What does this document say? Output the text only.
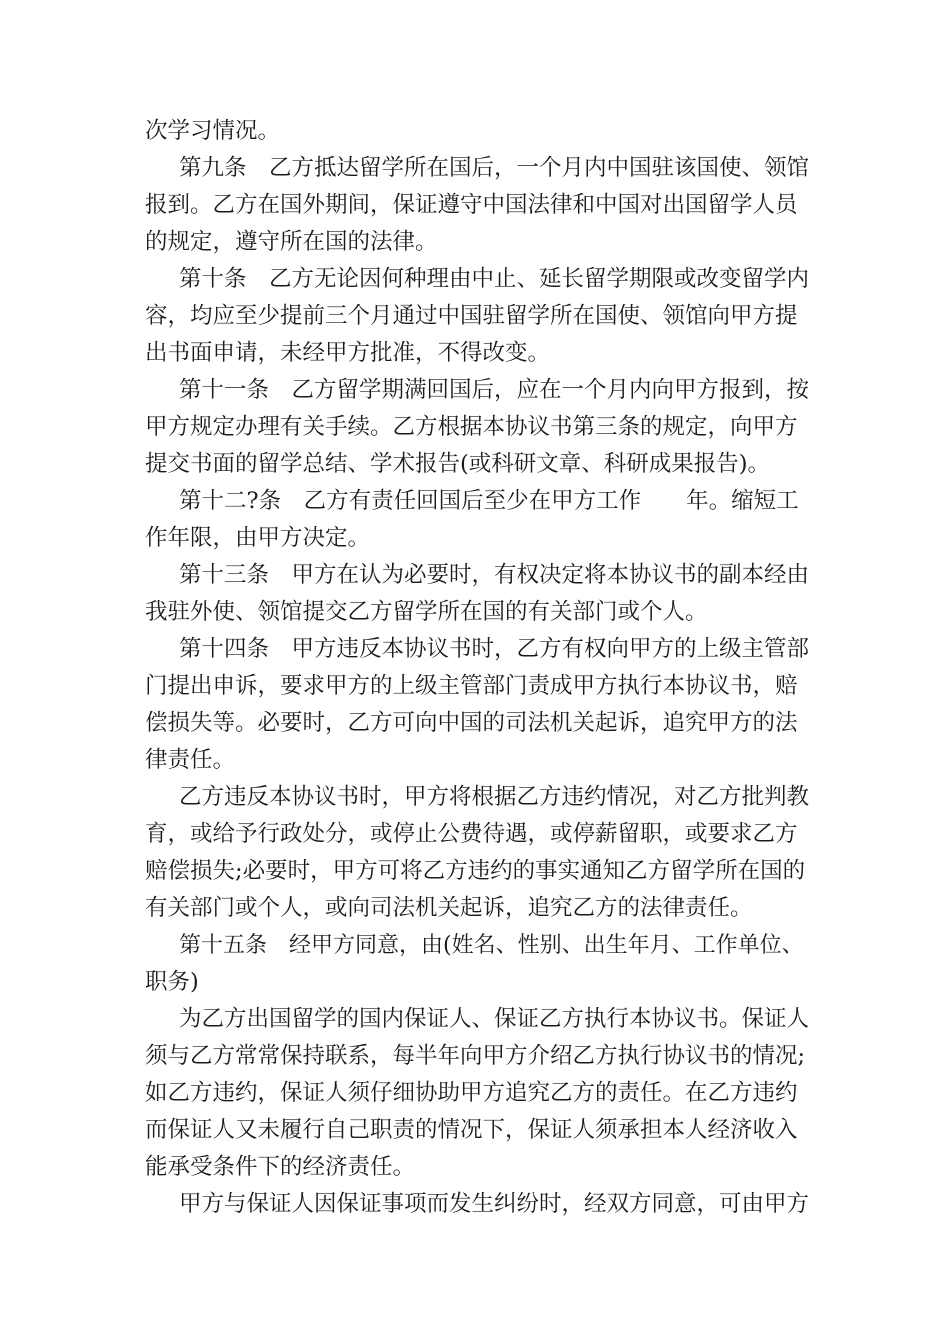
次学习情况。
第九条　乙方抵达留学所在国后，一个月内中国驻该国使、领馆
报到。乙方在国外期间，保证遵守中国法律和中国对出国留学人员
的规定，遵守所在国的法律。
第十条　乙方无论因何种理由中止、延长留学期限或改变留学内
容，均应至少提前三个月通过中国驻留学所在国使、领馆向甲方提
出书面申请，未经甲方批准，不得改变。
第十一条　乙方留学期满回国后，应在一个月内向甲方报到，按
甲方规定办理有关手续。乙方根据本协议书第三条的规定，向甲方
提交书面的留学总结、学术报告(或科研文章、科研成果报告)。
第十二?条　乙方有责任回国后至少在甲方工作　　年。缩短工
作年限，由甲方决定。
第十三条　甲方在认为必要时，有权决定将本协议书的副本经由
我驻外使、领馆提交乙方留学所在国的有关部门或个人。
第十四条　甲方违反本协议书时，乙方有权向甲方的上级主管部
门提出申诉，要求甲方的上级主管部门责成甲方执行本协议书，赔
偿损失等。必要时，乙方可向中国的司法机关起诉，追究甲方的法
律责任。
乙方违反本协议书时，甲方将根据乙方违约情况，对乙方批判教
育，或给予行政处分，或停止公费待遇，或停薪留职，或要求乙方
赔偿损失;必要时，甲方可将乙方违约的事实通知乙方留学所在国的
有关部门或个人，或向司法机关起诉，追究乙方的法律责任。
第十五条　经甲方同意，由(姓名、性别、出生年月、工作单位、
职务)
为乙方出国留学的国内保证人、保证乙方执行本协议书。保证人
须与乙方常常保持联系，每半年向甲方介绍乙方执行协议书的情况;
如乙方违约，保证人须仔细协助甲方追究乙方的责任。在乙方违约
而保证人又未履行自己职责的情况下，保证人须承担本人经济收入
能承受条件下的经济责任。
甲方与保证人因保证事项而发生纠纷时，经双方同意，可由甲方
